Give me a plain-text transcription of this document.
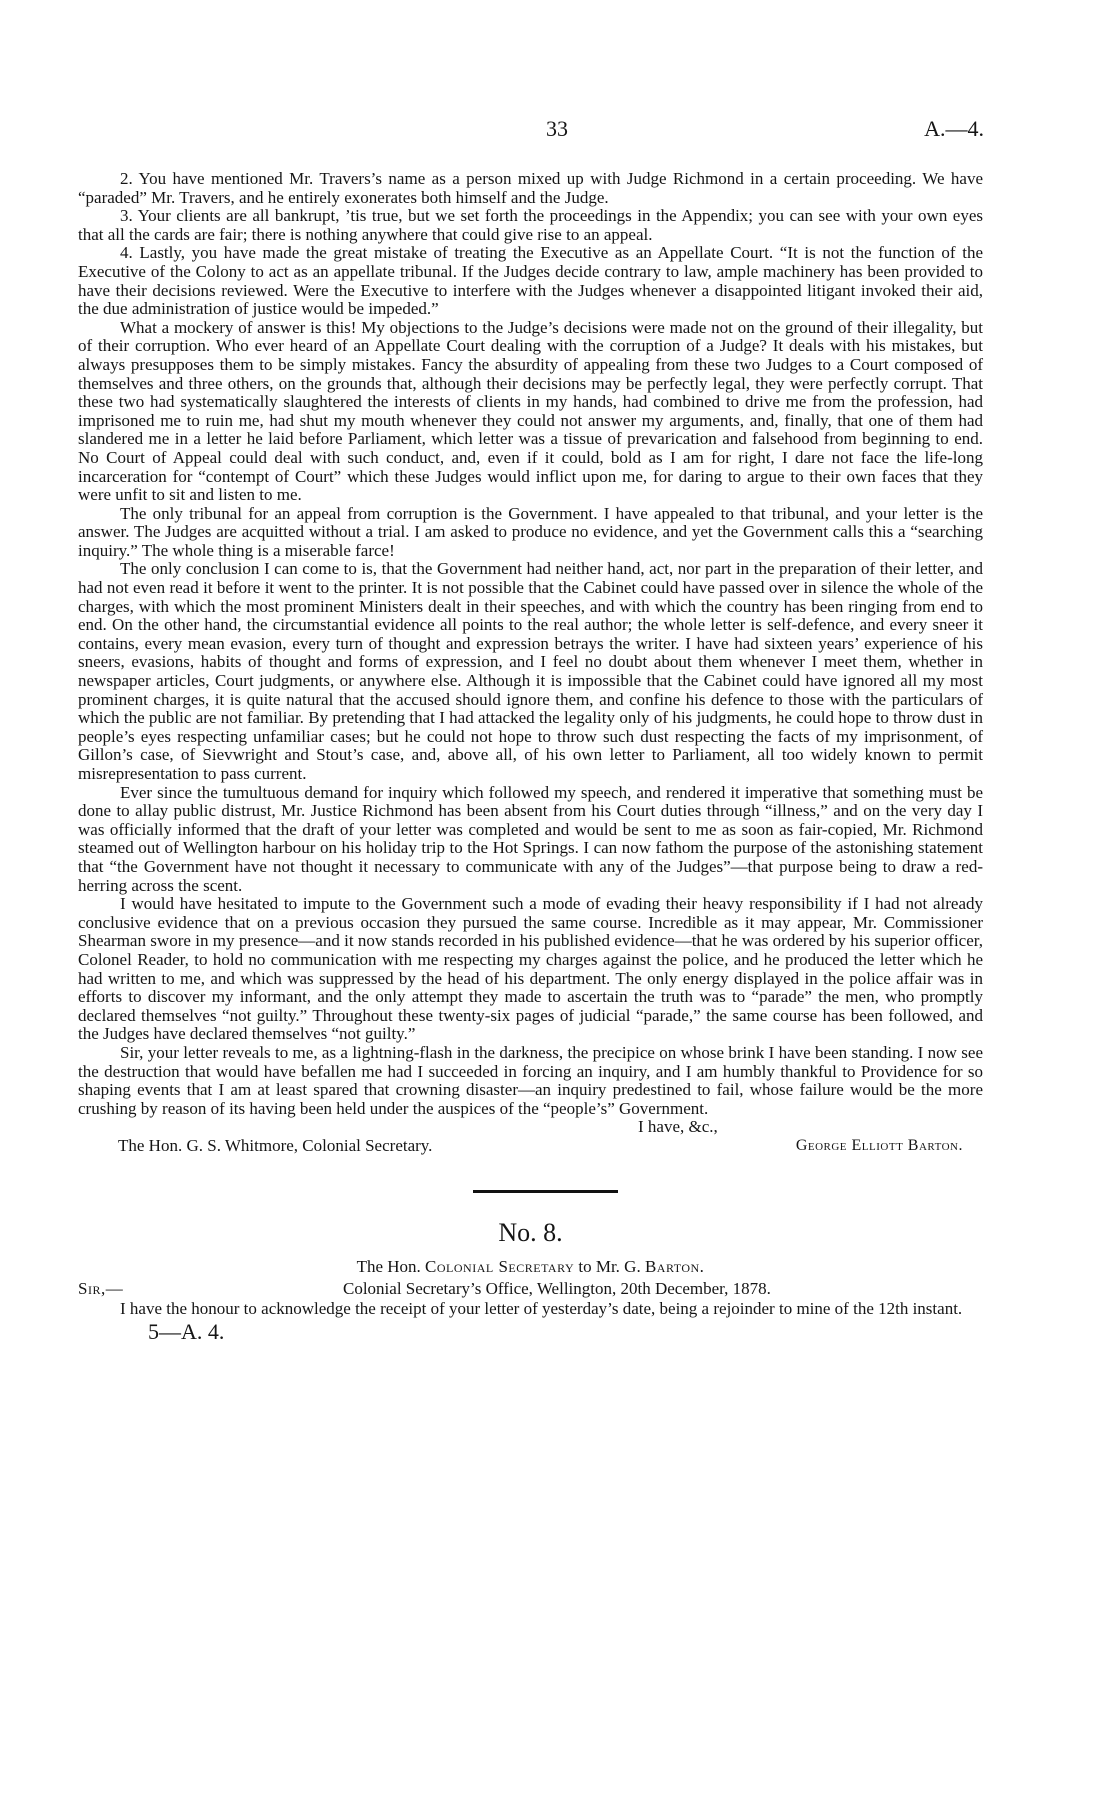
33	A.—4.

2. You have mentioned Mr. Travers’s name as a person mixed up with Judge Richmond in a certain proceeding. We have “paraded” Mr. Travers, and he entirely exonerates both himself and the Judge.

3. Your clients are all bankrupt, ’tis true, but we set forth the proceedings in the Appendix; you can see with your own eyes that all the cards are fair; there is nothing anywhere that could give rise to an appeal.

4. Lastly, you have made the great mistake of treating the Executive as an Appellate Court. “It is not the function of the Executive of the Colony to act as an appellate tribunal. If the Judges decide contrary to law, ample machinery has been provided to have their decisions reviewed. Were the Executive to interfere with the Judges whenever a disappointed litigant invoked their aid, the due administration of justice would be impeded.”

What a mockery of answer is this! My objections to the Judge’s decisions were made not on the ground of their illegality, but of their corruption. Who ever heard of an Appellate Court dealing with the corruption of a Judge? It deals with his mistakes, but always presupposes them to be simply mistakes. Fancy the absurdity of appealing from these two Judges to a Court composed of themselves and three others, on the grounds that, although their decisions may be perfectly legal, they were perfectly corrupt. That these two had systematically slaughtered the interests of clients in my hands, had combined to drive me from the profession, had imprisoned me to ruin me, had shut my mouth whenever they could not answer my arguments, and, finally, that one of them had slandered me in a letter he laid before Parliament, which letter was a tissue of prevarication and falsehood from beginning to end. No Court of Appeal could deal with such conduct, and, even if it could, bold as I am for right, I dare not face the life-long incarceration for “contempt of Court” which these Judges would inflict upon me, for daring to argue to their own faces that they were unfit to sit and listen to me.

The only tribunal for an appeal from corruption is the Government. I have appealed to that tribunal, and your letter is the answer. The Judges are acquitted without a trial. I am asked to produce no evidence, and yet the Government calls this a “searching inquiry.” The whole thing is a miserable farce!

The only conclusion I can come to is, that the Government had neither hand, act, nor part in the preparation of their letter, and had not even read it before it went to the printer. It is not possible that the Cabinet could have passed over in silence the whole of the charges, with which the most prominent Ministers dealt in their speeches, and with which the country has been ringing from end to end. On the other hand, the circumstantial evidence all points to the real author; the whole letter is self-defence, and every sneer it contains, every mean evasion, every turn of thought and expression betrays the writer. I have had sixteen years’ experience of his sneers, evasions, habits of thought and forms of expression, and I feel no doubt about them whenever I meet them, whether in newspaper articles, Court judgments, or anywhere else. Although it is impossible that the Cabinet could have ignored all my most prominent charges, it is quite natural that the accused should ignore them, and confine his defence to those with the particulars of which the public are not familiar. By pretending that I had attacked the legality only of his judgments, he could hope to throw dust in people’s eyes respecting unfamiliar cases; but he could not hope to throw such dust respecting the facts of my imprisonment, of Gillon’s case, of Sievwright and Stout’s case, and, above all, of his own letter to Parliament, all too widely known to permit misrepresentation to pass current.

Ever since the tumultuous demand for inquiry which followed my speech, and rendered it imperative that something must be done to allay public distrust, Mr. Justice Richmond has been absent from his Court duties through “illness,” and on the very day I was officially informed that the draft of your letter was completed and would be sent to me as soon as fair-copied, Mr. Richmond steamed out of Wellington harbour on his holiday trip to the Hot Springs. I can now fathom the purpose of the astonishing statement that “the Government have not thought it necessary to communicate with any of the Judges”—that purpose being to draw a red-herring across the scent.

I would have hesitated to impute to the Government such a mode of evading their heavy responsibility if I had not already conclusive evidence that on a previous occasion they pursued the same course. Incredible as it may appear, Mr. Commissioner Shearman swore in my presence—and it now stands recorded in his published evidence—that he was ordered by his superior officer, Colonel Reader, to hold no communication with me respecting my charges against the police, and he produced the letter which he had written to me, and which was suppressed by the head of his department. The only energy displayed in the police affair was in efforts to discover my informant, and the only attempt they made to ascertain the truth was to “parade” the men, who promptly declared themselves “not guilty.” Throughout these twenty-six pages of judicial “parade,” the same course has been followed, and the Judges have declared themselves “not guilty.”

Sir, your letter reveals to me, as a lightning-flash in the darkness, the precipice on whose brink I have been standing. I now see the destruction that would have befallen me had I succeeded in forcing an inquiry, and I am humbly thankful to Providence for so shaping events that I am at least spared that crowning disaster—an inquiry predestined to fail, whose failure would be the more crushing by reason of its having been held under the auspices of the “people’s” Government.

I have, &c.,
The Hon. G. S. Whitmore, Colonial Secretary.	George Elliott Barton.
No. 8.
The Hon. Colonial Secretary to Mr. G. Barton.
Sir,—	Colonial Secretary’s Office, Wellington, 20th December, 1878.

I have the honour to acknowledge the receipt of your letter of yesterday’s date, being a rejoinder to mine of the 12th instant.

5—A. 4.
